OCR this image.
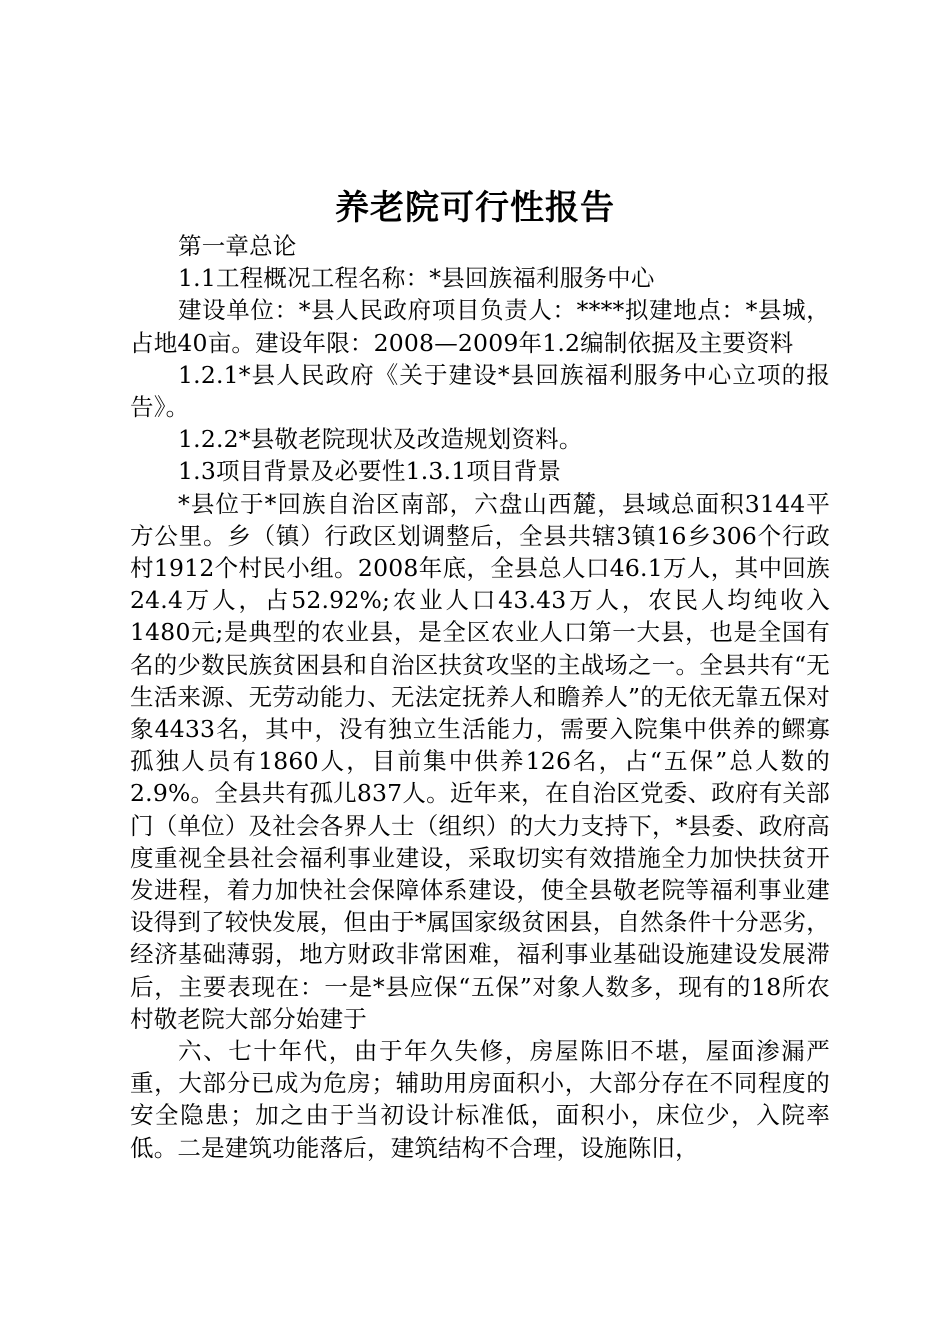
养老院可行性报告

第一章总论

1.1工程概况工程名称：*县回族福利服务中心

建设单位：*县人民政府项目负责人：****拟建地点：*县城，占地40亩。建设年限：2008—2009年1.2编制依据及主要资料

1.2.1*县人民政府《关于建设*县回族福利服务中心立项的报告》。

1.2.2*县敬老院现状及改造规划资料。

1.3项目背景及必要性1.3.1项目背景

*县位于*回族自治区南部，六盘山西麓，县域总面积3144平方公里。乡（镇）行政区划调整后，全县共辖3镇16乡306个行政村1912个村民小组。2008年底，全县总人口46.1万人，其中回族24.4万人，占52.92%;农业人口43.43万人，农民人均纯收入1480元;是典型的农业县，是全区农业人口第一大县，也是全国有名的少数民族贫困县和自治区扶贫攻坚的主战场之一。全县共有“无生活来源、无劳动能力、无法定抚养人和瞻养人”的无依无靠五保对象4433名，其中，没有独立生活能力，需要入院集中供养的鳏寡孤独人员有1860人，目前集中供养126名，占“五保”总人数的2.9%。全县共有孤儿837人。近年来，在自治区党委、政府有关部门（单位）及社会各界人士（组织）的大力支持下，*县委、政府高度重视全县社会福利事业建设，采取切实有效措施全力加快扶贫开发进程，着力加快社会保障体系建设，使全县敬老院等福利事业建设得到了较快发展，但由于*属国家级贫困县，自然条件十分恶劣，经济基础薄弱，地方财政非常困难，福利事业基础设施建设发展滞后，主要表现在：一是*县应保“五保”对象人数多，现有的18所农村敬老院大部分始建于

六、七十年代，由于年久失修，房屋陈旧不堪，屋面渗漏严重，大部分已成为危房；辅助用房面积小，大部分存在不同程度的安全隐患；加之由于当初设计标准低，面积小，床位少，入院率低。二是建筑功能落后，建筑结构不合理，设施陈旧，
